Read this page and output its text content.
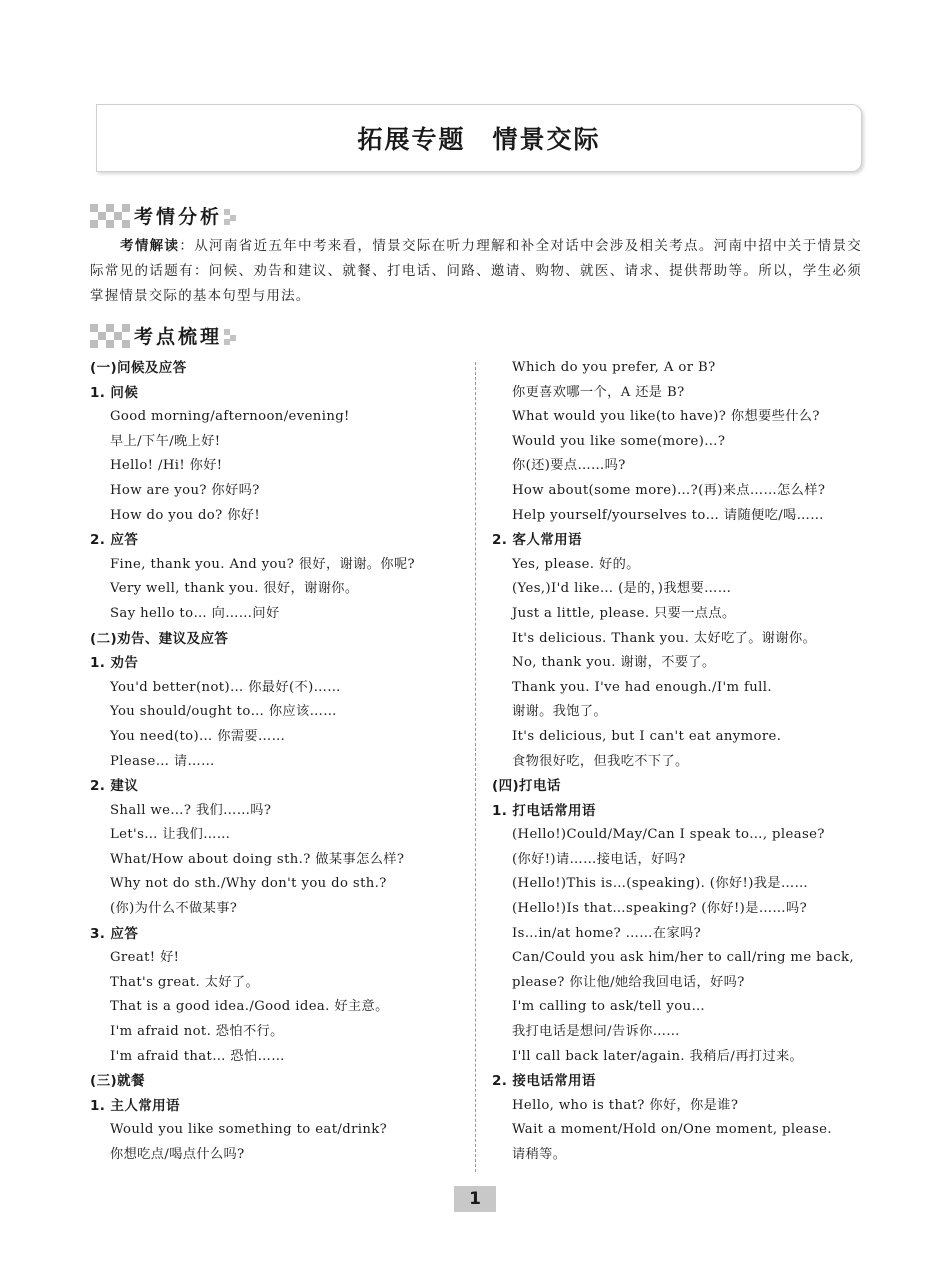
拓展专题　情景交际
考情分析
考情解读：从河南省近五年中考来看，情景交际在听力理解和补全对话中会涉及相关考点。河南中招中关于情景交际常见的话题有：问候、劝告和建议、就餐、打电话、问路、邀请、购物、就医、请求、提供帮助等。所以，学生必须掌握情景交际的基本句型与用法。
考点梳理
(一)问候及应答
1. 问候
Good morning/afternoon/evening!
早上/下午/晚上好!
Hello! /Hi! 你好!
How are you? 你好吗?
How do you do? 你好!
2. 应答
Fine, thank you. And you? 很好，谢谢。你呢?
Very well, thank you. 很好，谢谢你。
Say hello to… 向……问好
(二)劝告、建议及应答
1. 劝告
You'd better(not)… 你最好(不)……
You should/ought to… 你应该……
You need(to)… 你需要……
Please… 请……
2. 建议
Shall we…? 我们……吗?
Let's… 让我们……
What/How about doing sth.? 做某事怎么样?
Why not do sth./Why don't you do sth.?
(你)为什么不做某事?
3. 应答
Great! 好!
That's great. 太好了。
That is a good idea./Good idea. 好主意。
I'm afraid not. 恐怕不行。
I'm afraid that… 恐怕……
(三)就餐
1. 主人常用语
Would you like something to eat/drink?
你想吃点/喝点什么吗?
Which do you prefer, A or B?
你更喜欢哪一个，A 还是 B?
What would you like(to have)? 你想要些什么?
Would you like some(more)…?
你(还)要点……吗?
How about(some more)…?(再)来点……怎么样?
Help yourself/yourselves to… 请随便吃/喝……
2. 客人常用语
Yes, please. 好的。
(Yes,)I'd like… (是的，)我想要……
Just a little, please. 只要一点点。
It's delicious. Thank you. 太好吃了。谢谢你。
No, thank you. 谢谢，不要了。
Thank you. I've had enough./I'm full.
谢谢。我饱了。
It's delicious, but I can't eat anymore.
食物很好吃，但我吃不下了。
(四)打电话
1. 打电话常用语
(Hello!)Could/May/Can I speak to…, please?
(你好!)请……接电话，好吗?
(Hello!)This is…(speaking). (你好!)我是……
(Hello!)Is that…speaking? (你好!)是……吗?
Is…in/at home? ……在家吗?
Can/Could you ask him/her to call/ring me back,
please? 你让他/她给我回电话，好吗?
I'm calling to ask/tell you…
我打电话是想问/告诉你……
I'll call back later/again. 我稍后/再打过来。
2. 接电话常用语
Hello, who is that? 你好，你是谁?
Wait a moment/Hold on/One moment, please.
请稍等。
1
